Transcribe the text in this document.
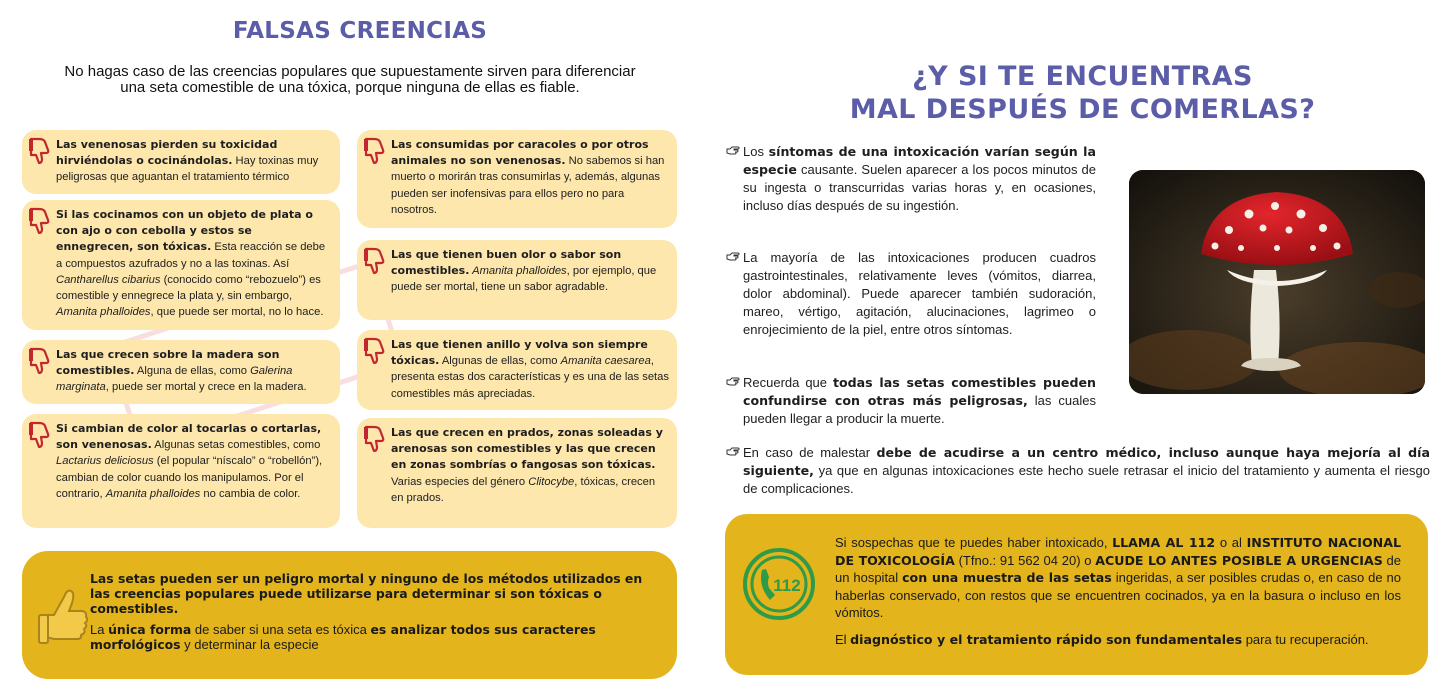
FALSAS CREENCIAS

No hagas caso de las creencias populares que supuestamente sirven para diferenciar una seta comestible de una tóxica, porque ninguna de ellas es fiable.

Las venenosas pierden su toxicidad hirviéndolas o cocinándolas. Hay toxinas muy peligrosas que aguantan el tratamiento térmico
Si las cocinamos con un objeto de plata o con ajo o con cebolla y estos se ennegrecen, son tóxicas. Esta reacción se debe a compuestos azufrados y no a las toxinas. Así Cantharellus cibarius (conocido como “rebozuelo”) es comestible y ennegrece la plata y, sin embargo, Amanita phalloides, que puede ser mortal, no lo hace.
Las que crecen sobre la madera son comestibles. Alguna de ellas, como Galerina marginata, puede ser mortal y crece en la madera.
Si cambian de color al tocarlas o cortarlas, son venenosas. Algunas setas comestibles, como Lactarius deliciosus (el popular “níscalo” o “robellón”), cambian de color cuando los manipulamos. Por el contrario, Amanita phalloides no cambia de color.
Las consumidas por caracoles o por otros animales no son venenosas. No sabemos si han muerto o morirán tras consumirlas y, además, algunas pueden ser inofensivas para ellos pero no para nosotros.
Las que tienen buen olor o sabor son comestibles. Amanita phalloides, por ejemplo, que puede ser mortal, tiene un sabor agradable.
Las que tienen anillo y volva son siempre tóxicas. Algunas de ellas, como Amanita caesarea, presenta estas dos características y es una de las setas comestibles más apreciadas.
Las que crecen en prados, zonas soleadas y arenosas son comestibles y las que crecen en zonas sombrías o fangosas son tóxicas. Varias especies del género Clitocybe, tóxicas, crecen en prados.

Las setas pueden ser un peligro mortal y ninguno de los métodos utilizados en las creencias populares puede utilizarse para determinar si son tóxicas o comestibles.

La única forma de saber si una seta es tóxica es analizar todos sus caracteres morfológicos y determinar la especie

¿Y SI TE ENCUENTRAS
MAL DESPUÉS DE COMERLAS?
Los síntomas de una intoxicación varían según la especie causante. Suelen aparecer a los pocos minutos de su ingesta o transcurridas varias horas y, en ocasiones, incluso días después de su ingestión.
La mayoría de las intoxicaciones producen cuadros gastrointestinales, relativamente leves (vómitos, diarrea, dolor abdominal). Puede aparecer también sudoración, mareo, vértigo, agitación, alucinaciones, lagrimeo o enrojecimiento de la piel, entre otros síntomas.
Recuerda que todas las setas comestibles pueden confundirse con otras más peligrosas, las cuales pueden llegar a producir la muerte.
En caso de malestar debe de acudirse a un centro médico, incluso aunque haya mejoría al día siguiente, ya que en algunas intoxicaciones este hecho suele retrasar el inicio del tratamiento y aumenta el riesgo de complicaciones.
112

Si sospechas que te puedes haber intoxicado, LLAMA AL 112 o al INSTITUTO NACIONAL DE TOXICOLOGÍA (Tfno.: 91 562 04 20) o ACUDE LO ANTES POSIBLE A URGENCIAS de un hospital con una muestra de las setas ingeridas, a ser posibles crudas o, en caso de no haberlas conservado, con restos que se encuentren cocinados, ya en la basura o incluso en los vómitos.

El diagnóstico y el tratamiento rápido son fundamentales para tu recuperación.
